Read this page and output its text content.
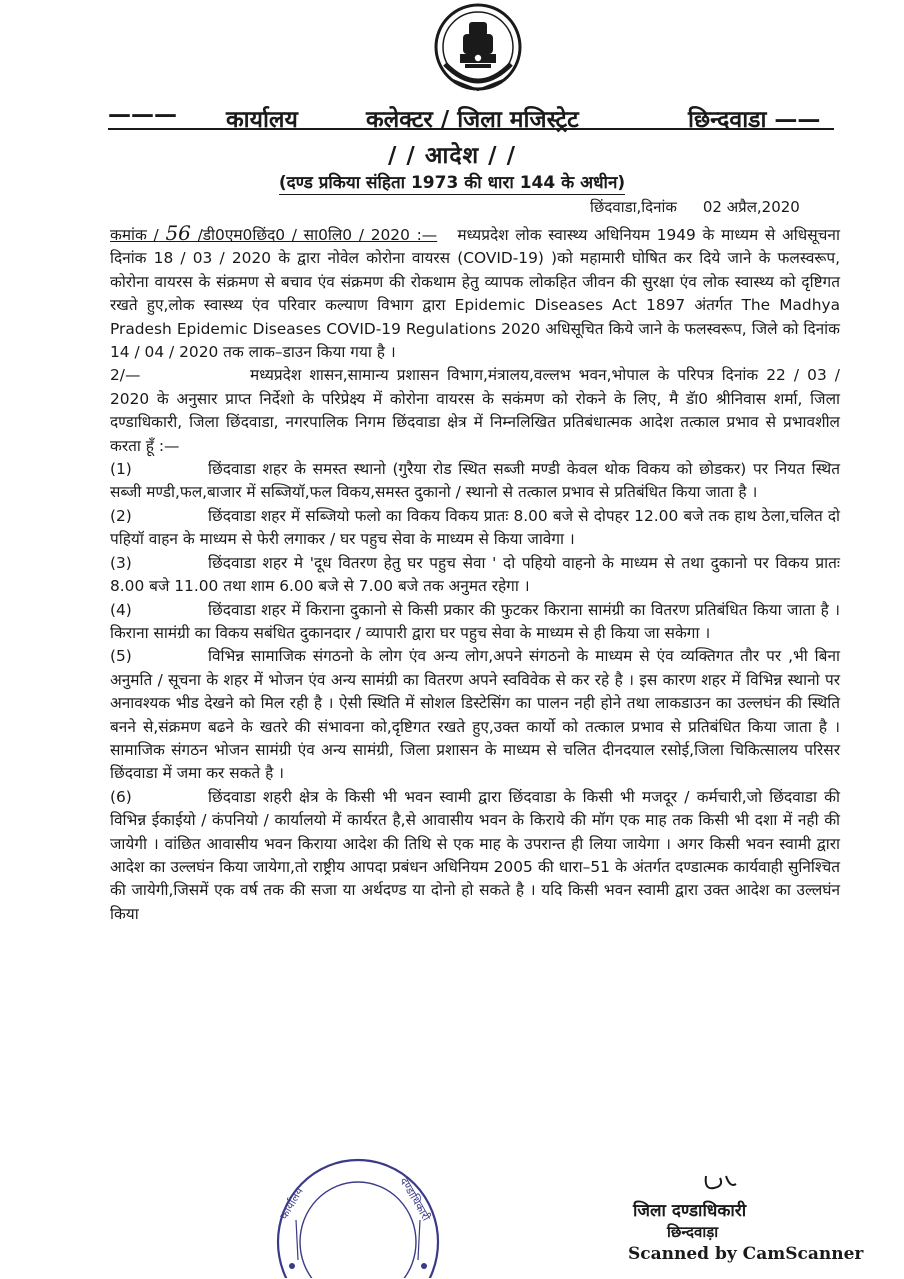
——— कार्यालय	कलेक्टर / जिला मजिस्ट्रेट	छिन्दवाडा ——
/ / आदेश / /
(दण्ड प्रकिया संहिता 1973 की धारा 144 के अधीन)
छिंदवाडा,दिनांक 02 अप्रैल,2020

कमांक / 56 /डी0एम0छिंद0 / सा0लि0 / 2020 :— मध्यप्रदेश लोक स्वास्थ्य अधिनियम 1949 के माध्यम से अधिसूचना दिनांक 18 / 03 / 2020 के द्वारा नोवेल कोरोना वायरस (COVID-19) )को महामारी घोषित कर दिये जाने के फलस्वरूप, कोरोना वायरस के संक्रमण से बचाव एंव संक्रमण की रोकथाम हेतु व्यापक लोकहित जीवन की सुरक्षा एंव लोक स्वास्थ्य को दृष्टिगत रखते हुए,लोक स्वास्थ्य एंव परिवार कल्याण विभाग द्वारा Epidemic Diseases Act 1897 अंतर्गत The Madhya Pradesh Epidemic Diseases COVID-19 Regulations 2020 अधिसूचित किये जाने के फलस्वरूप, जिले को दिनांक 14 / 04 / 2020 तक लाक–डाउन किया गया है ।

2/—	मध्यप्रदेश शासन,सामान्य प्रशासन विभाग,मंत्रालय,वल्लभ भवन,भोपाल के परिपत्र दिनांक 22 / 03 / 2020 के अनुसार प्राप्त निर्देशो के परिप्रेक्ष्य में कोरोना वायरस के सकंमण को रोकने के लिए, मै डॅा0 श्रीनिवास शर्मा, जिला दण्डाधिकारी, जिला छिंदवाडा, नगरपालिक निगम छिंदवाडा क्षेत्र में निम्नलिखित प्रतिबंधात्मक आदेश तत्काल प्रभाव से प्रभावशील करता हूँ :—

(1)	छिंदवाडा शहर के समस्त स्थानो (गुरैया रोड स्थित सब्जी मण्डी केवल थोक विकय को छोडकर) पर नियत स्थित सब्जी मण्डी,फल,बाजार में सब्जियॉ,फल विकय,समस्त दुकानो / स्थानो से तत्काल प्रभाव से प्रतिबंधित किया जाता है ।

(2)	छिंदवाडा शहर में सब्जियो फलो का विकय विकय प्रातः 8.00 बजे से दोपहर 12.00 बजे तक हाथ ठेला,चलित दो पहियॉ वाहन के माध्यम से फेरी लगाकर / घर पहुच सेवा के माध्यम से किया जावेगा ।

(3)	छिंदवाडा शहर मे 'दूध वितरण हेतु घर पहुच सेवा ' दो पहियो वाहनो के माध्यम से तथा दुकानो पर विकय प्रातः 8.00 बजे 11.00 तथा शाम 6.00 बजे से 7.00 बजे तक अनुमत रहेगा ।

(4)	छिंदवाडा शहर में किराना दुकानो से किसी प्रकार की फुटकर किराना सामंग्री का वितरण प्रतिबंधित किया जाता है । किराना सामंग्री का विकय सबंधित दुकानदार / व्यापारी द्वारा घर पहुच सेवा के माध्यम से ही किया जा सकेगा ।

(5)	विभिन्न सामाजिक संगठनो के लोग एंव अन्य लोग,अपने संगठनो के माध्यम से एंव व्यक्तिगत तौर पर ,भी बिना अनुमति / सूचना के शहर में भोजन एंव अन्य सामंग्री का वितरण अपने स्वविवेक से कर रहे है । इस कारण शहर में विभिन्न स्थानो पर अनावश्यक भीड देखने को मिल रही है । ऐसी स्थिति में सोशल डिस्टेसिंग का पालन नही होने तथा लाकडाउन का उल्लघंन की स्थिति बनने से,संक्रमण बढने के खतरे की संभावना को,दृष्टिगत रखते हुए,उक्त कार्यो को तत्काल प्रभाव से प्रतिबंधित किया जाता है । सामाजिक संगठन भोजन सामंग्री एंव अन्य सामंग्री, जिला प्रशासन के माध्यम से चलित दीनदयाल रसोई,जिला चिकित्सालय परिसर छिंदवाडा में जमा कर सकते है ।

(6)	छिंदवाडा शहरी क्षेत्र के किसी भी भवन स्वामी द्वारा छिंदवाडा के किसी भी मजदूर / कर्मचारी,जो छिंदवाडा की विभिन्न ईकाईयो / कंपनियो / कार्यालयो में कार्यरत है,से आवासीय भवन के किराये की मॉग एक माह तक किसी भी दशा में नही की जायेगी । वांछित आवासीय भवन किराया आदेश की तिथि से एक माह के उपरान्त ही लिया जायेगा । अगर किसी भवन स्वामी द्वारा आदेश का उल्लघंन किया जायेगा,तो राष्ट्रीय आपदा प्रबंधन अधिनियम 2005 की धारा–51 के अंतर्गत दण्डात्मक कार्यवाही सुनिश्चित की जायेगी,जिसमें एक वर्ष तक की सजा या अर्थदण्ड या दोनो हो सकते है । यदि किसी भवन स्वामी द्वारा उक्त आदेश का उल्लघंन किया

कार्यालय	दण्डाधिकारी	जिला दण्डाधिकारी
छिन्दवाड़ा
Scanned by CamScanner
